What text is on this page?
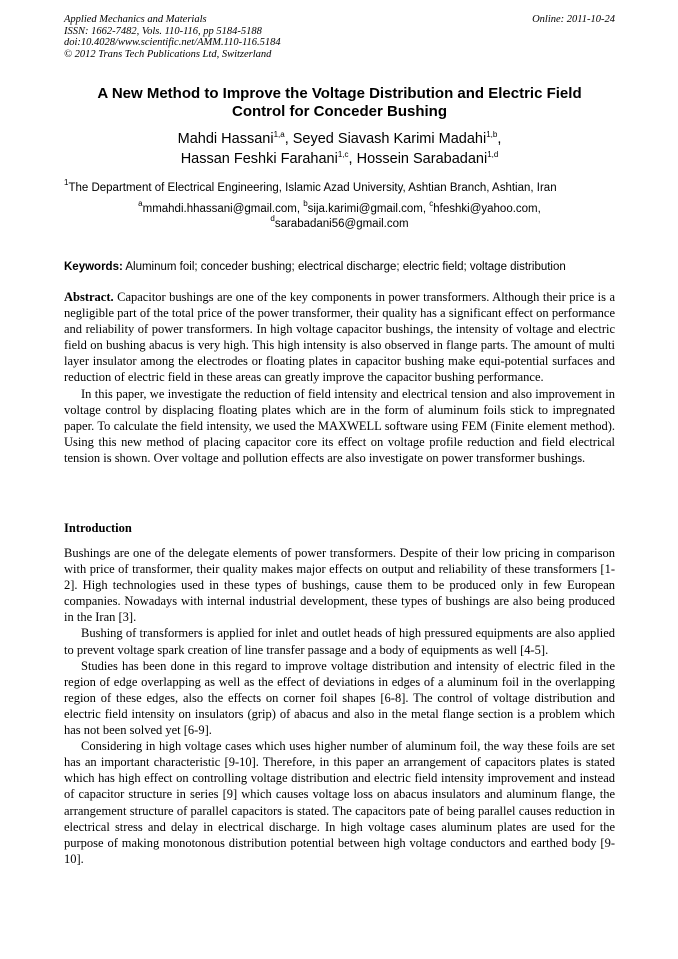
Applied Mechanics and Materials
ISSN: 1662-7482, Vols. 110-116, pp 5184-5188
doi:10.4028/www.scientific.net/AMM.110-116.5184
© 2012 Trans Tech Publications Ltd, Switzerland
Online: 2011-10-24
A New Method to Improve the Voltage Distribution and Electric Field
Control for Conceder Bushing
Mahdi Hassani$^{1,a}$, Seyed Siavash Karimi Madahi$^{1,b}$,
Hassan Feshki Farahani$^{1,c}$, Hossein Sarabadani$^{1,d}$
$^1$The Department of Electrical Engineering, Islamic Azad University, Ashtian Branch, Ashtian, Iran
$^a$mmahdi.hhassani@gmail.com, $^b$sija.karimi@gmail.com, $^c$hfeshki@yahoo.com,
$^d$sarabadani56@gmail.com
Keywords: Aluminum foil; conceder bushing; electrical discharge; electric field; voltage distribution

Abstract. Capacitor bushings are one of the key components in power transformers. Although their price is a negligible part of the total price of the power transformer, their quality has a significant effect on performance and reliability of power transformers. In high voltage capacitor bushings, the intensity of voltage and electric field on bushing abacus is very high. This high intensity is also observed in flange parts. The amount of multi layer insulator among the electrodes or floating plates in capacitor bushing make equi-potential surfaces and reduction of electric field in these areas can greatly improve the capacitor bushing performance.

In this paper, we investigate the reduction of field intensity and electrical tension and also improvement in voltage control by displacing floating plates which are in the form of aluminum foils stick to impregnated paper. To calculate the field intensity, we used the MAXWELL software using FEM (Finite element method). Using this new method of placing capacitor core its effect on voltage profile reduction and field electrical tension is shown. Over voltage and pollution effects are also investigate on power transformer bushings.

Introduction

Bushings are one of the delegate elements of power transformers. Despite of their low pricing in comparison with price of transformer, their quality makes major effects on output and reliability of these transformers [1-2]. High technologies used in these types of bushings, cause them to be produced only in few European companies. Nowadays with internal industrial development, these types of bushings are also being produced in the Iran [3].

Bushing of transformers is applied for inlet and outlet heads of high pressured equipments are also applied to prevent voltage spark creation of line transfer passage and a body of equipments as well [4-5].

Studies has been done in this regard to improve voltage distribution and intensity of electric filed in the region of edge overlapping as well as the effect of deviations in edges of a aluminum foil in the overlapping region of these edges, also the effects on corner foil shapes [6-8]. The control of voltage distribution and electric field intensity on insulators (grip) of abacus and also in the metal flange section is a problem which has not been solved yet [6-9].

Considering in high voltage cases which uses higher number of aluminum foil, the way these foils are set has an important characteristic [9-10]. Therefore, in this paper an arrangement of capacitors plates is stated which has high effect on controlling voltage distribution and electric field intensity improvement and instead of capacitor structure in series [9] which causes voltage loss on abacus insulators and aluminum flange, the arrangement structure of parallel capacitors is stated. The capacitors pate of being parallel causes reduction in electrical stress and delay in electrical discharge. In high voltage cases aluminum plates are used for the purpose of making monotonous distribution potential between high voltage conductors and earthed body [9-10].
